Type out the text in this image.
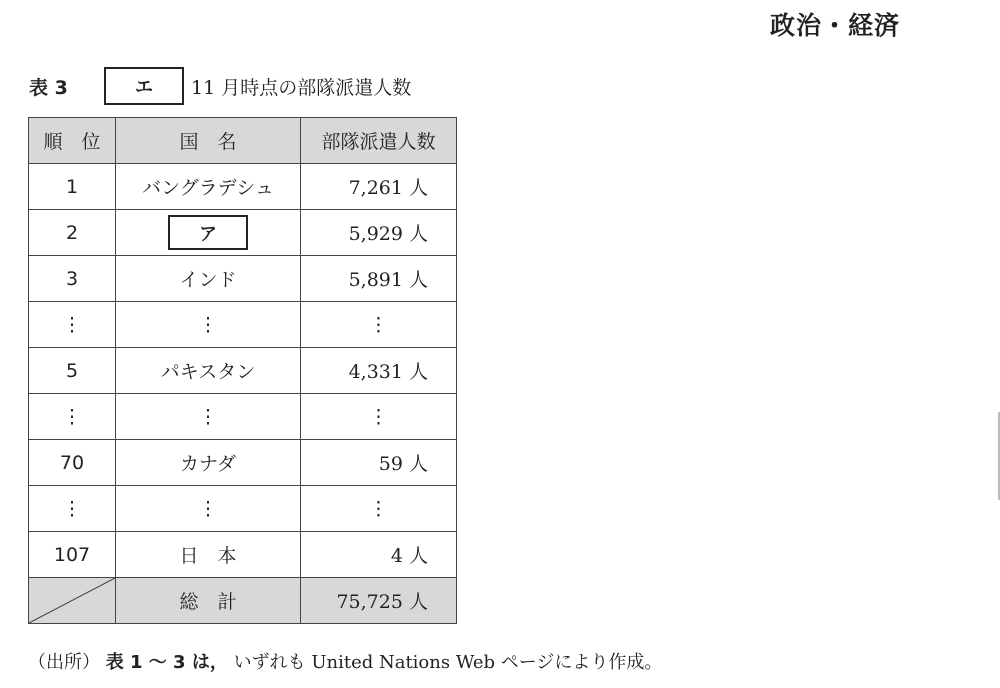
政治・経済
表 3	エ	11 月時点の部隊派遣人数
順　位	国　名	部隊派遣人数
1	バングラデシュ	7,261 人
2	ア	5,929 人
3	インド	5,891 人
⋮	⋮	⋮
5	パキスタン	4,331 人
⋮	⋮	⋮
70	カナダ	59 人
⋮	⋮	⋮
107	日　本	4 人

	総　計	75,725 人
（出所） 表 1 ～ 3 は， いずれも United Nations Web ページにより作成。
